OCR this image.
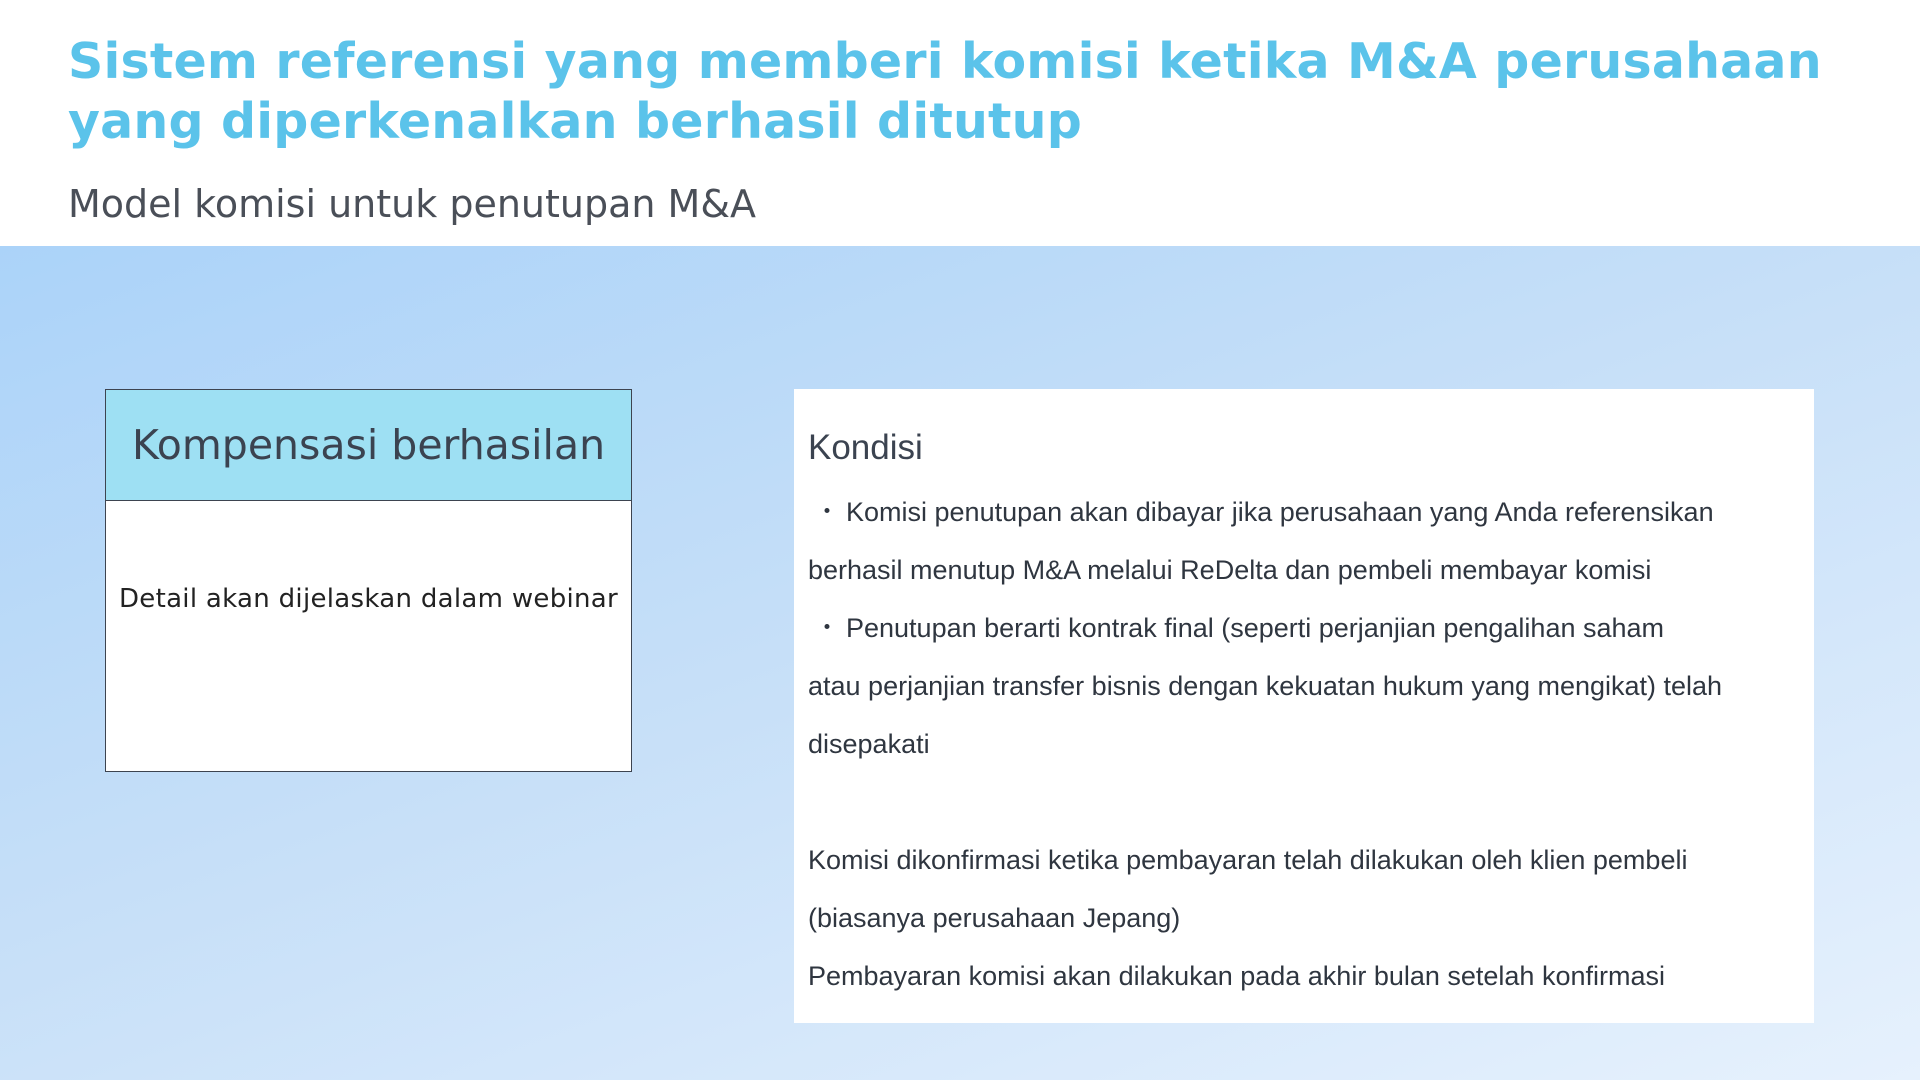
Sistem referensi yang memberi komisi ketika M&A perusahaan yang diperkenalkan berhasil ditutup
Model komisi untuk penutupan M&A
Kompensasi berhasilan
Detail akan dijelaskan dalam webinar
Kondisi

・ Komisi penutupan akan dibayar jika perusahaan yang Anda referensikan

berhasil menutup M&A melalui ReDelta dan pembeli membayar komisi

・ Penutupan berarti kontrak final (seperti perjanjian pengalihan saham

atau perjanjian transfer bisnis dengan kekuatan hukum yang mengikat) telah

disepakati

Komisi dikonfirmasi ketika pembayaran telah dilakukan oleh klien pembeli

(biasanya perusahaan Jepang)

Pembayaran komisi akan dilakukan pada akhir bulan setelah konfirmasi
